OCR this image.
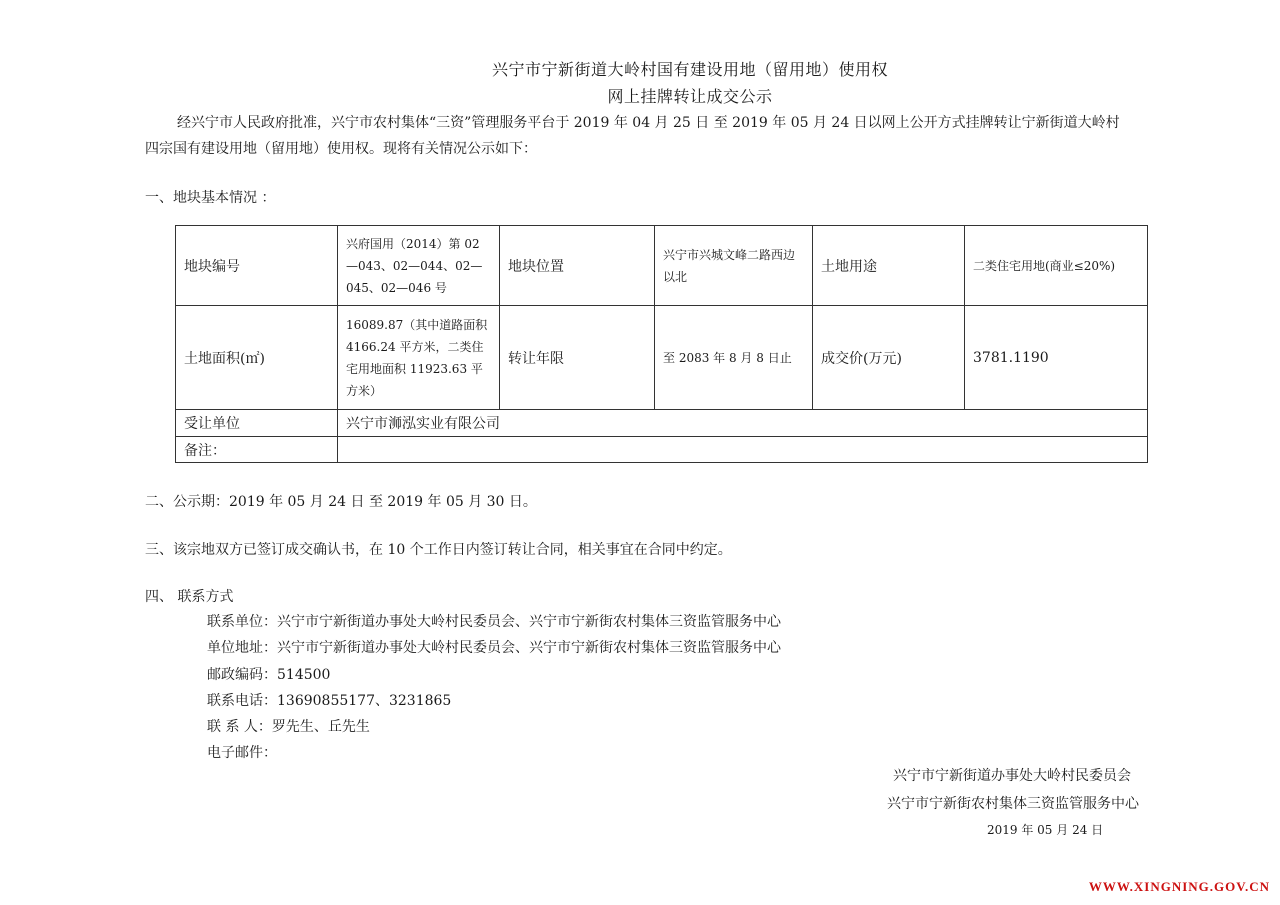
兴宁市宁新街道大岭村国有建设用地（留用地）使用权
网上挂牌转让成交公示
经兴宁市人民政府批准，兴宁市农村集体“三资”管理服务平台于 2019 年 04 月 25 日 至 2019 年 05 月 24 日以网上公开方式挂牌转让宁新街道大岭村
四宗国有建设用地（留用地）使用权。现将有关情况公示如下：
一、地块基本情况 ：
地块编号	兴府国用（2014）第 02—043、02—044、02—045、02—046 号	地块位置	兴宁市兴城文峰二路西边以北	土地用途	二类住宅用地(商业≤20%)
土地面积(㎡)	16089.87（其中道路面积4166.24 平方米，二类住宅用地面积 11923.63 平方米）	转让年限	至 2083 年 8 月 8 日止	成交价(万元)	3781.1190
受让单位	兴宁市浉泓实业有限公司				
备注：					
二、公示期：2019 年 05 月 24 日 至 2019 年 05 月 30 日。
三、该宗地双方已签订成交确认书，在 10 个工作日内签订转让合同，相关事宜在合同中约定。
四、 联系方式
联系单位：兴宁市宁新街道办事处大岭村民委员会、兴宁市宁新街农村集体三资监管服务中心
单位地址：兴宁市宁新街道办事处大岭村民委员会、兴宁市宁新街农村集体三资监管服务中心
邮政编码：514500
联系电话：13690855177、3231865
联 系 人：罗先生、丘先生
电子邮件：
兴宁市宁新街道办事处大岭村民委员会
兴宁市宁新街农村集体三资监管服务中心
2019 年 05 月 24 日
WWW.XINGNING.GOV.CN
